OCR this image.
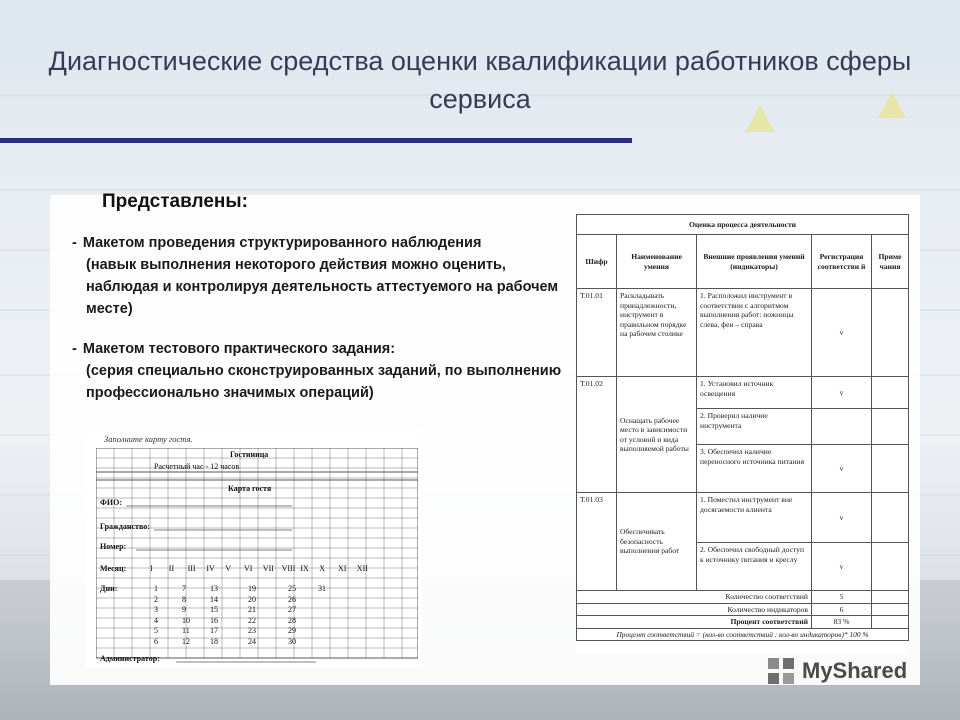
Диагностические средства оценки квалификации работников сферы сервиса
Представлены:
- Макетом проведения структурированного наблюдения
(навык выполнения некоторого действия можно оценить, наблюдая и контролируя деятельность аттестуемого на рабочем месте)
- Макетом тестового практического задания:
(серия специально сконструированных заданий, по выполнению профессионально значимых операций)
Заполните карту гостя.
Гостиница
Расчетный час - 12 часов
Карта гостя
ФИО:
Гражданство:
Номер:
Месяц:
Дни:
Администратор:
I II III IV V VI VII VIII IX X XI XII
1	7	13	19	25	31
2	8	14	20	26
3	9	15	21	27
4	10	16	22	28
5	11	17	23	29
6	12	18	24	30
Оценка процесса деятельности				
Шифр	Наименование умения	Внешние проявления умений (индикаторы)	Регистрация соответстви й	Приме чания
Т.01.01	Раскладывать принадлежности, инструмент в правильном порядке на рабочем столике	1. Расположил инструмент в соответствии с алгоритмом выполнения работ: ножницы слева, фен – справа	v	
Т.01.02	Оснащать рабочее место в зависимости от условий и вида выполняемой работы	1. Установил источник освещения	v	
		2. Проверил наличие инструмента		
		3. Обеспечил наличие переносного источника питания	v	
Т.01.03	Обеспечивать безопасность выполнения работ	1. Поместил инструмент вне досягаемости клиента	v	
		2. Обеспечил свободный доступ к источнику питания и креслу	v	
Количество соответствий			5	
Количество индикаторов			6	
Процент соответствий			83 %	
Процент соответствий = (кол-во соответствий : кол-во индикаторов)* 100 %				
MyShared
